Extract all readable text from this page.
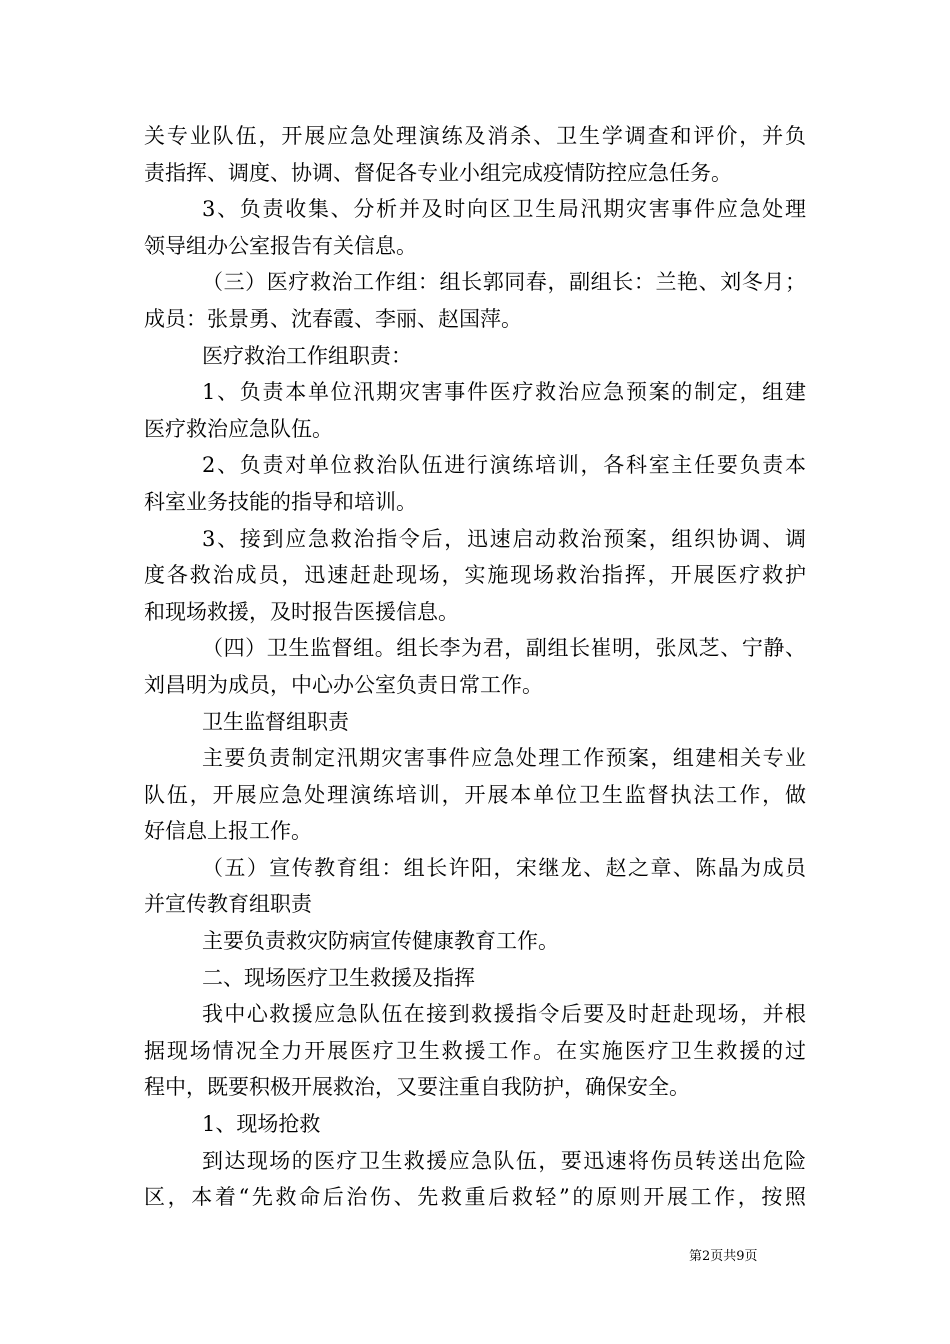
关专业队伍，开展应急处理演练及消杀、卫生学调查和评价，并负
责指挥、调度、协调、督促各专业小组完成疫情防控应急任务。
3、负责收集、分析并及时向区卫生局汛期灾害事件应急处理
领导组办公室报告有关信息。
（三）医疗救治工作组：组长郭同春，副组长：兰艳、刘冬月；
成员：张景勇、沈春霞、李丽、赵国萍。
医疗救治工作组职责：
1、负责本单位汛期灾害事件医疗救治应急预案的制定，组建
医疗救治应急队伍。
2、负责对单位救治队伍进行演练培训，各科室主任要负责本
科室业务技能的指导和培训。
3、接到应急救治指令后，迅速启动救治预案，组织协调、调
度各救治成员，迅速赶赴现场，实施现场救治指挥，开展医疗救护
和现场救援，及时报告医援信息。
（四）卫生监督组。组长李为君，副组长崔明，张凤芝、宁静、
刘昌明为成员，中心办公室负责日常工作。
卫生监督组职责
主要负责制定汛期灾害事件应急处理工作预案，组建相关专业
队伍，开展应急处理演练培训，开展本单位卫生监督执法工作，做
好信息上报工作。
（五）宣传教育组：组长许阳，宋继龙、赵之章、陈晶为成员
并宣传教育组职责
主要负责救灾防病宣传健康教育工作。
二、现场医疗卫生救援及指挥
我中心救援应急队伍在接到救援指令后要及时赶赴现场，并根
据现场情况全力开展医疗卫生救援工作。在实施医疗卫生救援的过
程中，既要积极开展救治，又要注重自我防护，确保安全。
1、现场抢救
到达现场的医疗卫生救援应急队伍，要迅速将伤员转送出危险
区，本着“先救命后治伤、先救重后救轻”的原则开展工作，按照
第2页共9页
